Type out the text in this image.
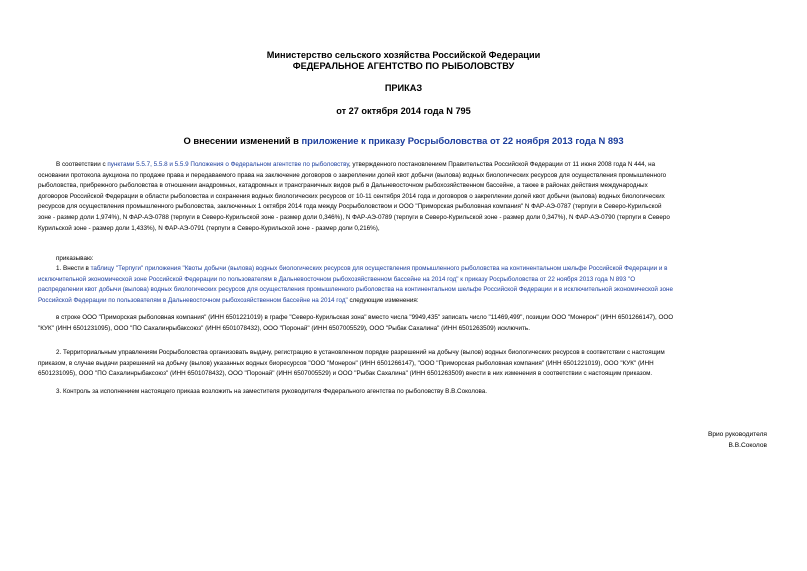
Министерство сельского хозяйства Российской Федерации
ФЕДЕРАЛЬНОЕ АГЕНТСТВО ПО РЫБОЛОВСТВУ
ПРИКАЗ
от 27 октября 2014 года N 795
О внесении изменений в приложение к приказу Росрыболовства от 22 ноября 2013 года N 893
В соответствии с пунктами 5.5.7, 5.5.8 и 5.5.9 Положения о Федеральном агентстве по рыболовству, утвержденного постановлением Правительства Российской Федерации от 11 июня 2008 года N 444, на
основании протокола аукциона по продаже права и передаваемого права на заключение договоров о закреплении долей квот добычи (вылова) водных биологических ресурсов для осуществления промышленного
рыболовства, прибрежного рыболовства в отношении анадромных, катадромных и трансграничных видов рыб в Дальневосточном рыбохозяйственном бассейне, а также в районах действия международных
договоров Российской Федерации в области рыболовства и сохранения водных биологических ресурсов от 10-11 сентября 2014 года и договоров о закреплении долей квот добычи (вылова) водных биологических
ресурсов для осуществления промышленного рыболовства, заключенных 1 октября 2014 года между Росрыболовством и ООО "Приморская рыболовная компания" N ФАР-АЭ-0787 (терпуги в Северо-Курильской
зоне - размер доли 1,974%), N ФАР-АЭ-0788 (терпуги в Северо-Курильской зоне - размер доли 0,346%), N ФАР-АЭ-0789 (терпуги в Северо-Курильской зоне - размер доли 0,347%), N ФАР-АЭ-0790 (терпуги в Северо
Курильской зоне - размер доли 1,433%), N ФАР-АЭ-0791 (терпуги в Северо-Курильской зоне - размер доли 0,216%),
приказываю:
1. Внести в таблицу "Терпуги" приложения "Квоты добычи (вылова) водных биологических ресурсов для осуществления промышленного рыболовства на континентальном шельфе Российской Федерации и в
исключительной экономической зоне Российской Федерации по пользователям в Дальневосточном рыбохозяйственном бассейне на 2014 год" к приказу Росрыболовства от 22 ноября 2013 года N 893 "О
распределении квот добычи (вылова) водных биологических ресурсов для осуществления промышленного рыболовства на континентальном шельфе Российской Федерации и в исключительной экономической зоне
Российской Федерации по пользователям в Дальневосточном рыбохозяйственном бассейне на 2014 год" следующие изменения:
в строке ООО "Приморская рыболовная компания" (ИНН 6501221019) в графе "Северо-Курильская зона" вместо числа "9949,435" записать число "11469,499", позиции ООО "Монерон" (ИНН 6501266147), ООО
"КУК" (ИНН 6501231095), ООО "ПО Сахалинрыбаксоюз" (ИНН 6501078432), ООО "Поронай" (ИНН 6507005529), ООО "Рыбак Сахалина" (ИНН 6501263509) исключить.
2. Территориальным управлениям Росрыболовства организовать выдачу, регистрацию в установленном порядке разрешений на добычу (вылов) водных биологических ресурсов в соответствии с настоящим
приказом, в случае выдачи разрешений на добычу (вылов) указанных водных биоресурсов "ООО "Монерон" (ИНН 6501266147), "ООО "Приморская рыболовная компания" (ИНН 6501221019), ООО "КУК" (ИНН
6501231095), ООО "ПО Сахалинрыбаксоюз" (ИНН 6501078432), ООО "Поронай" (ИНН 6507005529) и ООО "Рыбак Сахалина" (ИНН 6501263509) внести в них изменения в соответствии с настоящим приказом.
3. Контроль за исполнением настоящего приказа возложить на заместителя руководителя Федерального агентства по рыболовству В.В.Соколова.
Врио руководителя
В.В.Соколов
